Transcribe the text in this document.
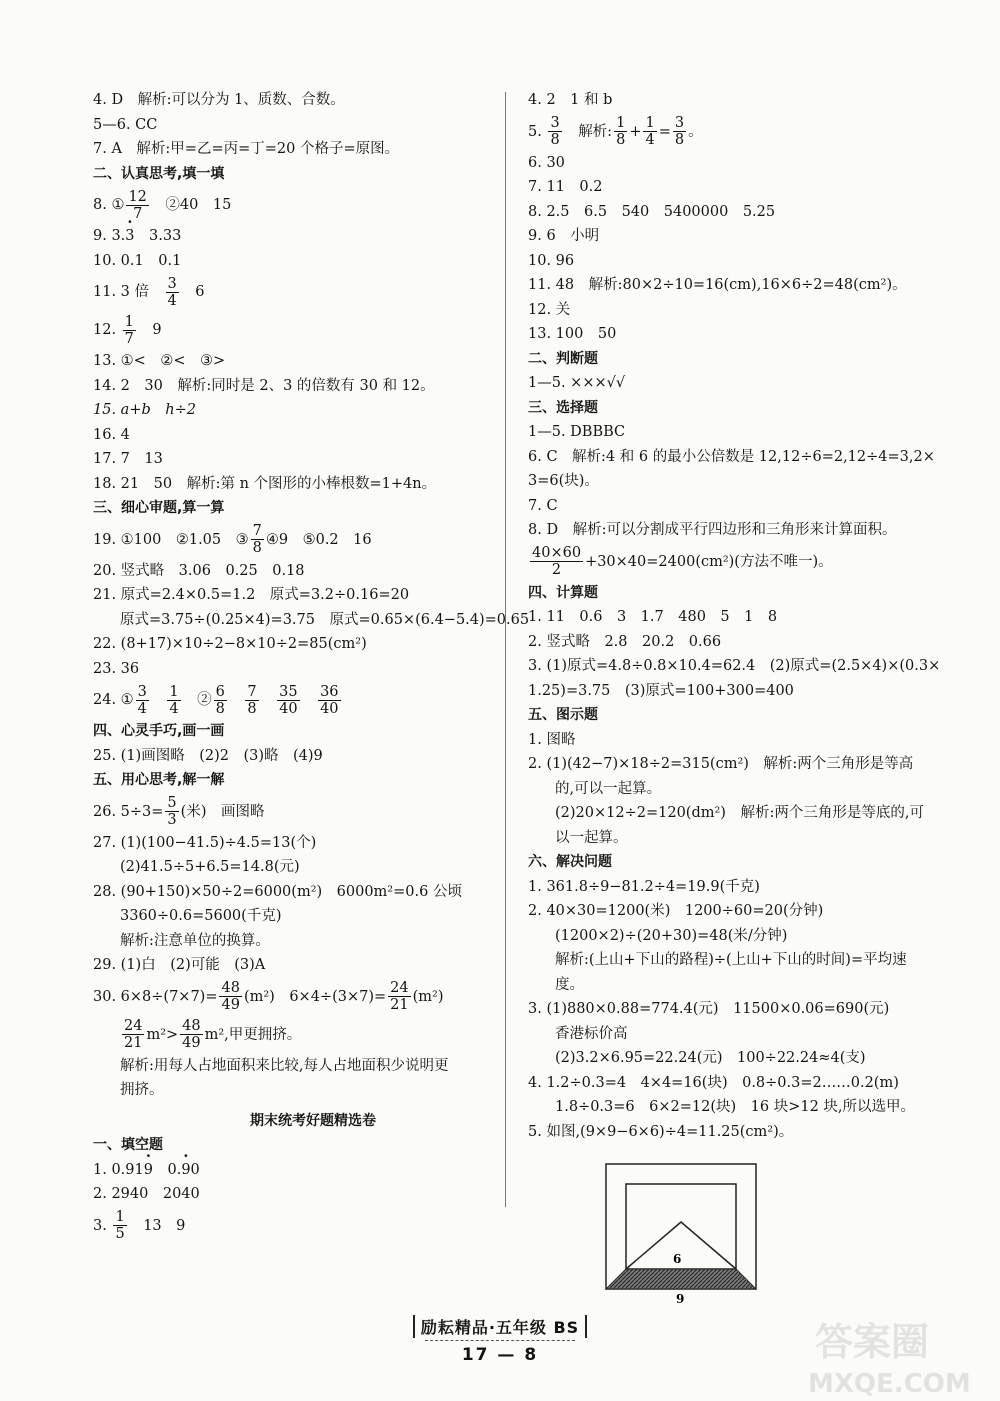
4. D　解析:可以分为 1、质数、合数。
5—6. CC
7. A　解析:甲=乙=丙=丁=20 个格子=原图。
二、认真思考,填一填
8. ① $\frac{12}{7}$
　 ②40　15
9. 3.3 ·　3.33
10. 0.1　0.1
11. 3 倍　 $\frac{3}{4}$
　 6
12. $\frac{1}{7}$
　 9
13. ①<　②<　③>
14. 2　30　解析:同时是 2、3 的倍数有 30 和 12。
15. a+b　h÷2
16. 4
17. 7　13
18. 21　50　解析:第 n 个图形的小棒根数=1+4n。
三、细心审题,算一算
19. ①100　②1.05　③ $\frac{7}{8}$ ④9　⑤0.2　16
20. 竖式略　3.06　0.25　0.18
21. 原式=2.4×0.5=1.2　原式=3.2÷0.16=20
原式=3.75÷(0.25×4)=3.75　原式=0.65×(6.4−5.4)=0.65
22. (8+17)×10÷2−8×10÷2=85(cm²)
23. 36
24. ① $\frac{3}{4}$
　 $\frac{1}{4}$
　 ② $\frac{6}{8}$
　 $\frac{7}{8}$
　 $\frac{35}{40}$
　 $\frac{36}{40}$
四、心灵手巧,画一画
25. (1)画图略　(2)2　(3)略　(4)9
五、用心思考,解一解
26. $5\div 3= \frac{5}{3}$ (米)　画图略
27. (1)(100−41.5)÷4.5=13(个)
(2)41.5÷5+6.5=14.8(元)
28. (90+150)×50÷2=6000(m²)　6000m²=0.6 公顷
3360÷0.6=5600(千克)
解析:注意单位的换算。
29. (1)白　(2)可能　(3)A
30. $6\times 8\div(7\times 7)= \frac{48}{49} (m^2)$　$6\times 4\div(3\times 7)= \frac{24}{21} (m^2)$
$\frac{24}{21} m^2> \frac{48}{49} m^2$,甲更拥挤。
解析:用每人占地面积来比较,每人占地面积少说明更
拥挤。
期末统考好题精选卷
一、填空题
1. 0.919 ·　0.9 ·0
2. 2940　2040
3. $\frac{1}{5}$
　 13　9
4. 2　1 和 b
5. $\frac{3}{8}$
　 解析: $\frac{1}{8} + \frac{1}{4} = \frac{3}{8}$ 。
6. 30
7. 11　0.2
8. 2.5　6.5　540　5400000　5.25
9. 6　小明
10. 96
11. 48　解析:80×2÷10=16(cm),16×6÷2=48(cm²)。
12. 关
13. 100　50
二、判断题
1—5. ×××√√
三、选择题
1—5. DBBBC
6. C　解析:4 和 6 的最小公倍数是 12,12÷6=2,12÷4=3,2×
3=6(块)。
7. C
8. D　解析:可以分割成平行四边形和三角形来计算面积。
$\frac{40\times 60}{2} +30\times 40=2400(cm^2)$(方法不唯一)。
四、计算题
1. 11　0.6　3　1.7　480　5　1　8
2. 竖式略　2.8　20.2　0.66
3. (1)原式=4.8÷0.8×10.4=62.4　(2)原式=(2.5×4)×(0.3×
1.25)=3.75　(3)原式=100+300=400
五、图示题
1. 图略
2. (1)(42−7)×18÷2=315(cm²)　解析:两个三角形是等高
的,可以一起算。
(2)20×12÷2=120(dm²)　解析:两个三角形是等底的,可
以一起算。
六、解决问题
1. 361.8÷9−81.2÷4=19.9(千克)
2. 40×30=1200(米)　1200÷60=20(分钟)
(1200×2)÷(20+30)=48(米/分钟)
解析:(上山+下山的路程)÷(上山+下山的时间)=平均速
度。
3. (1)880×0.88=774.4(元)　11500×0.06=690(元)
香港标价高
(2)3.2×6.95=22.24(元)　100÷22.24≈4(支)
4. 1.2÷0.3=4　4×4=16(块)　0.8÷0.3=2……0.2(m)
1.8÷0.3=6　6×2=12(块)　16 块>12 块,所以选甲。
5. 如图,(9×9−6×6)÷4=11.25(cm²)。
6
9
励耘精品·五年级 BS
17 — 8	答案圈
MXQE.COM
